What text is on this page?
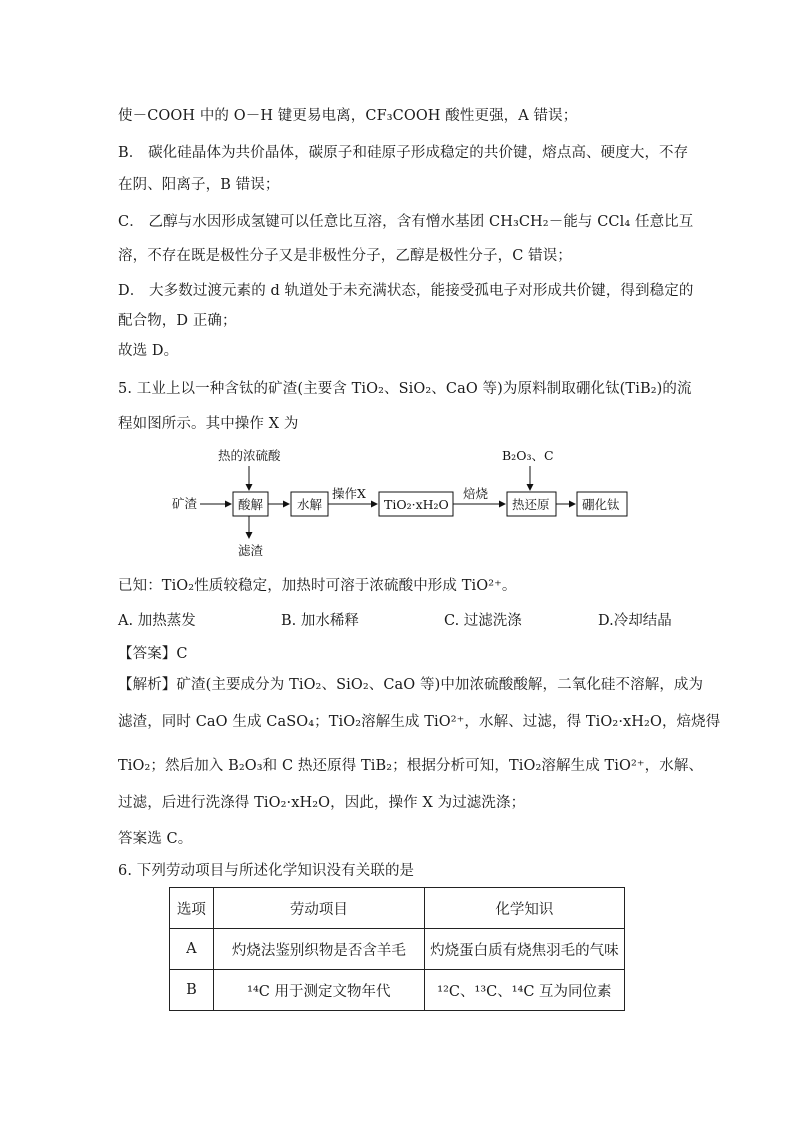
使－COOH 中的 O－H 键更易电离，CF₃COOH 酸性更强，A 错误；
B． 碳化硅晶体为共价晶体，碳原子和硅原子形成稳定的共价键，熔点高、硬度大，不存
在阴、阳离子，B 错误；
C． 乙醇与水因形成氢键可以任意比互溶，含有憎水基团 CH₃CH₂－能与 CCl₄ 任意比互
溶，不存在既是极性分子又是非极性分子，乙醇是极性分子，C 错误；
D． 大多数过渡元素的 d 轨道处于未充满状态，能接受孤电子对形成共价键，得到稳定的
配合物，D 正确；
故选 D。
5. 工业上以一种含钛的矿渣(主要含 TiO₂、SiO₂、CaO 等)为原料制取硼化钛(TiB₂)的流
程如图所示。其中操作 X 为
热的浓硫酸
矿渣	酸解
滤渣
水解
操作X
TiO₂·xH₂O
焙烧
B₂O₃、C
热还原	硼化钛
已知：TiO₂性质较稳定，加热时可溶于浓硫酸中形成 TiO²⁺。
A. 加热蒸发	B. 加水稀释	C. 过滤洗涤	D.冷却结晶
【答案】C
【解析】矿渣(主要成分为 TiO₂、SiO₂、CaO 等)中加浓硫酸酸解，二氧化硅不溶解，成为
滤渣，同时 CaO 生成 CaSO₄；TiO₂溶解生成 TiO²⁺，水解、过滤，得 TiO₂·xH₂O，焙烧得
TiO₂；然后加入 B₂O₃和 C 热还原得 TiB₂；根据分析可知，TiO₂溶解生成 TiO²⁺，水解、
过滤，后进行洗涤得 TiO₂·xH₂O，因此，操作 X 为过滤洗涤；
答案选 C。
6. 下列劳动项目与所述化学知识没有关联的是
选项	劳动项目	化学知识
A	灼烧法鉴别织物是否含羊毛	灼烧蛋白质有烧焦羽毛的气味
B	¹⁴C 用于测定文物年代	¹²C、¹³C、¹⁴C 互为同位素
